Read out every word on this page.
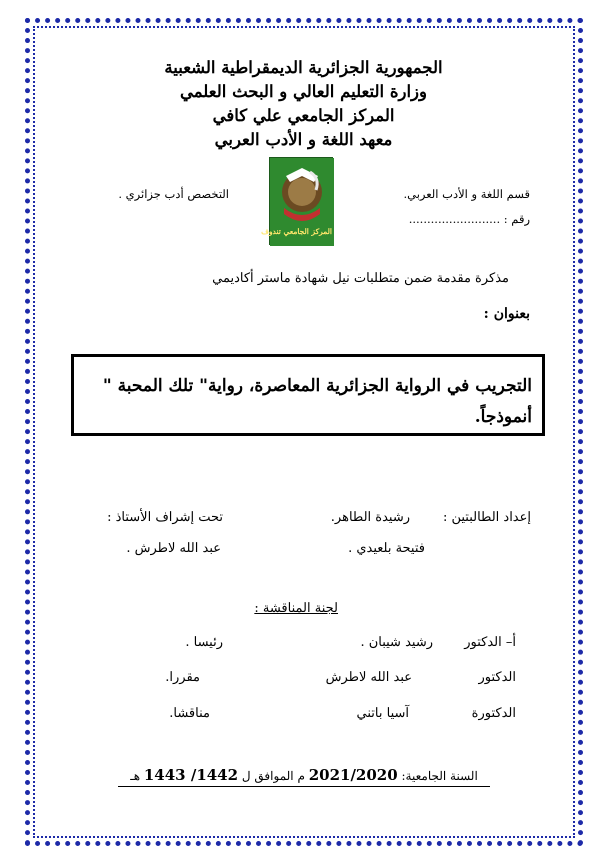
الجمهورية الجزائرية الديمقراطية الشعبية
وزارة التعليم العالي و البحث العلمي
المركز الجامعي علي كافي
معهد اللغة و الأدب العربي
قسم اللغة و الأدب العربي.
التخصص أدب جزائري .
رقم : .........................
المركز الجامعي تندوف
مذكرة مقدمة ضمن متطلبات نيل شهادة ماستر أكاديمي
بعنوان :
التجريب في الرواية الجزائرية المعاصرة، رواية" تلك المحبة "
أنموذجاً.
إعداد الطالبتين :
رشيدة الطاهر.
تحت إشراف الأستاذ :
فتيحة بلعيدي .
عبد الله لاطرش .
لجنة المناقشة :
أ– الدكتور
رشيد شيبان .
رئيسا .
الدكتور
عبد الله لاطرش
مقررا.
الدكتورة
آسيا باتني
مناقشا.
السنة الجامعية: 2021/2020 م الموافق ل 1442/ 1443 هـ
